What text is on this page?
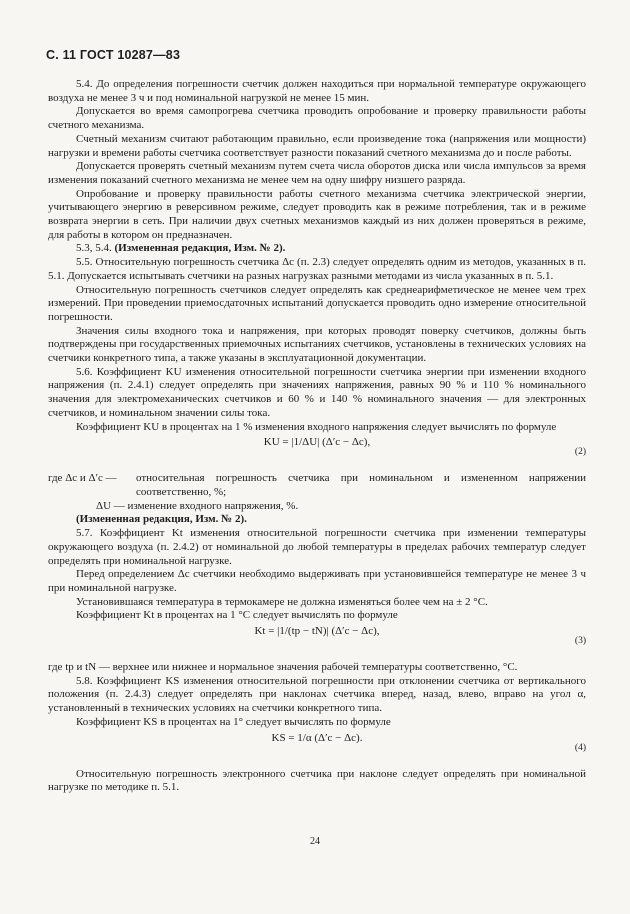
С. 11 ГОСТ 10287—83

5.4. До определения погрешности счетчик должен находиться при нормальной температуре окружающего воздуха не менее 3 ч и под номинальной нагрузкой не менее 15 мин.

Допускается во время самопрогрева счетчика проводить опробование и проверку правильности работы счетного механизма.

Счетный механизм считают работающим правильно, если произведение тока (напряжения или мощности) нагрузки и времени работы счетчика соответствует разности показаний счетного механизма до и после работы.

Допускается проверять счетный механизм путем счета числа оборотов диска или числа импульсов за время изменения показаний счетного механизма не менее чем на одну шифру низшего разряда.

Опробование и проверку правильности работы счетного механизма счетчика электрической энергии, учитывающего энергию в реверсивном режиме, следует проводить как в режиме потребления, так и в режиме возврата энергии в сеть. При наличии двух счетных механизмов каждый из них должен проверяться в режиме, для работы в котором он предназначен.

5.3, 5.4. (Измененная редакция, Изм. № 2).

5.5. Относительную погрешность счетчика Δc (п. 2.3) следует определять одним из методов, указанных в п. 5.1. Допускается испытывать счетчики на разных нагрузках разными методами из числа указанных в п. 5.1.

Относительную погрешность счетчиков следует определять как среднеарифметическое не менее чем трех измерений. При проведении приемосдаточных испытаний допускается проводить одно измерение относительной погрешности.

Значения силы входного тока и напряжения, при которых проводят поверку счетчиков, должны быть подтверждены при государственных приемочных испытаниях счетчиков, установлены в технических условиях на счетчики конкретного типа, а также указаны в эксплуатационной документации.

5.6. Коэффициент KU изменения относительной погрешности счетчика энергии при изменении входного напряжения (п. 2.4.1) следует определять при значениях напряжения, равных 90 % и 110 % номинального значения для электромеханических счетчиков и 60 % и 140 % номинального значения — для электронных счетчиков, и номинальном значении силы тока.

Коэффициент KU в процентах на 1 % изменения входного напряжения следует вычислять по формуле

KU = |1/ΔU| (Δ′c − Δc),
(2)

где Δc и Δ′c — относительная погрешность счетчика при номинальном и измененном напряжении соответственно, %;

ΔU — изменение входного напряжения, %.

(Измененная редакция, Изм. № 2).

5.7. Коэффициент Kt изменения относительной погрешности счетчика при изменении температуры окружающего воздуха (п. 2.4.2) от номинальной до любой температуры в пределах рабочих температур следует определять при номинальной нагрузке.

Перед определением Δc счетчики необходимо выдерживать при установившейся температуре не менее 3 ч при номинальной нагрузке.

Установившаяся температура в термокамере не должна изменяться более чем на ± 2 °C.

Коэффициент Kt в процентах на 1 °C следует вычислять по формуле

Kt = |1/(tp − tN)| (Δ′c − Δc),
(3)

где tp и tN — верхнее или нижнее и нормальное значения рабочей температуры соответственно, °C.

5.8. Коэффициент KS изменения относительной погрешности при отклонении счетчика от вертикального положения (п. 2.4.3) следует определять при наклонах счетчика вперед, назад, влево, вправо на угол α, установленный в технических условиях на счетчики конкретного типа.

Коэффициент KS в процентах на 1° следует вычислять по формуле

KS = 1/α (Δ′c − Δc).
(4)

Относительную погрешность электронного счетчика при наклоне следует определять при номинальной нагрузке по методике п. 5.1.

24
